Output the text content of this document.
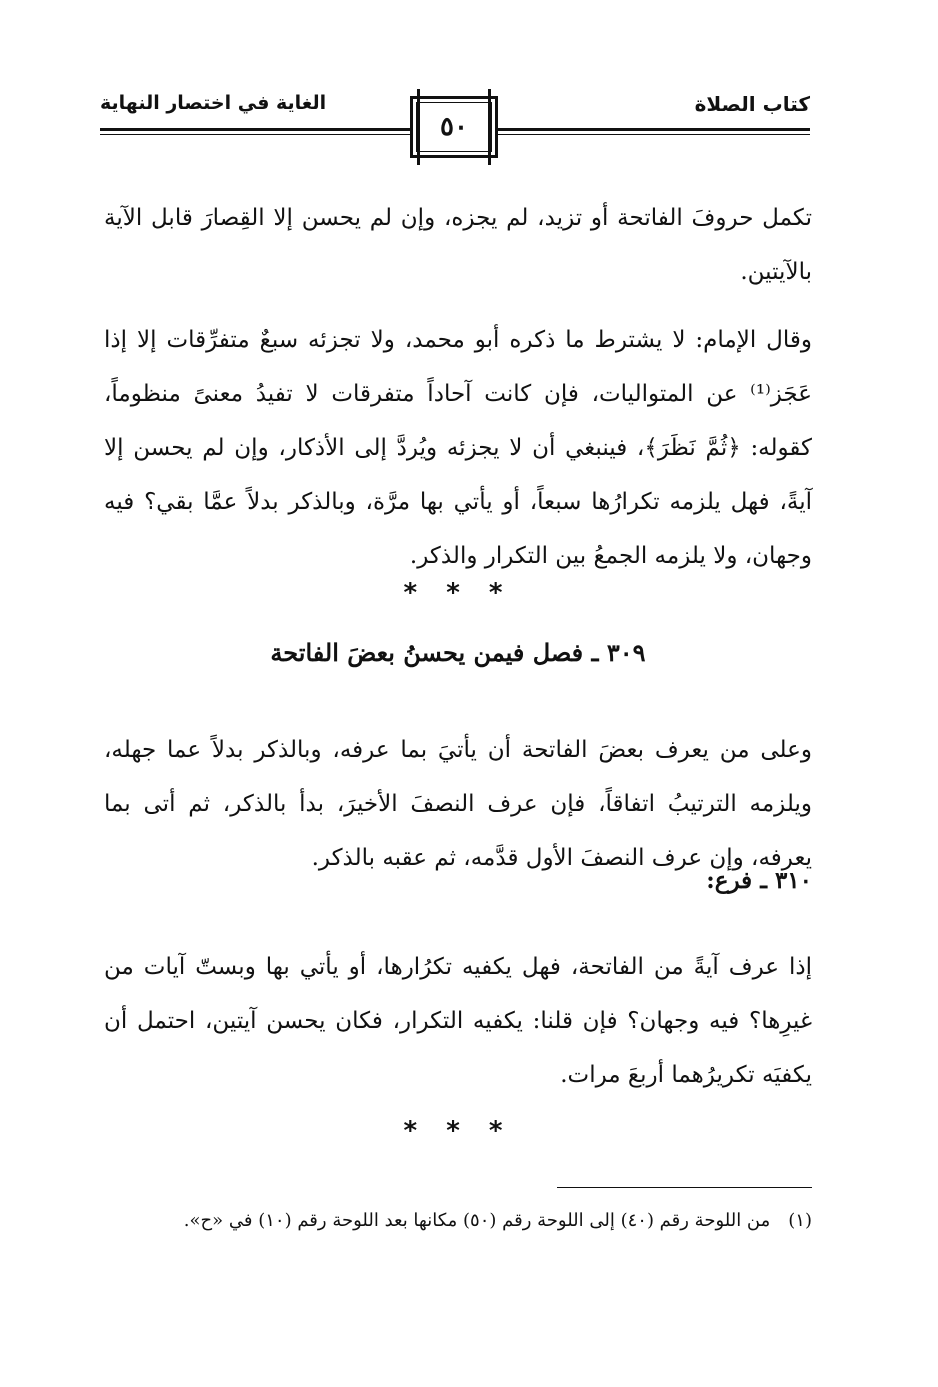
كتاب الصلاة
الغاية في اختصار النهاية
٥٠

تكمل حروفَ الفاتحة أو تزيد، لم يجزه، وإن لم يحسن إلا القِصارَ قابل الآية بالآيتين.

وقال الإمام: لا يشترط ما ذكره أبو محمد، ولا تجزئه سبعٌ متفرِّقات إلا إذا عَجَز⁽¹⁾ عن المتواليات، فإن كانت آحاداً متفرقات لا تفيدُ معنىً منظوماً، كقوله: ﴿ثُمَّ نَظَرَ﴾، فينبغي أن لا يجزئه ويُردَّ إلى الأذكار، وإن لم يحسن إلا آيةً، فهل يلزمه تكرارُها سبعاً، أو يأتي بها مرَّة، وبالذكر بدلاً عمَّا بقي؟ فيه وجهان، ولا يلزمه الجمعُ بين التكرار والذكر.

* * *
٣٠٩ ـ فصل فيمن يحسنُ بعضَ الفاتحة

وعلى من يعرف بعضَ الفاتحة أن يأتيَ بما عرفه، وبالذكر بدلاً عما جهله، ويلزمه الترتيبُ اتفاقاً، فإن عرف النصفَ الأخيرَ، بدأ بالذكر، ثم أتى بما يعرفه، وإن عرف النصفَ الأول قدَّمه، ثم عقبه بالذكر.

٣١٠ ـ فرع:

إذا عرف آيةً من الفاتحة، فهل يكفيه تكرُارها، أو يأتي بها وبستّ آيات من غيرِها؟ فيه وجهان؟ فإن قلنا: يكفيه التكرار، فكان يحسن آيتين، احتمل أن يكفيَه تكريرُهما أربعَ مرات.

* * *
(١) من اللوحة رقم (٤٠) إلى اللوحة رقم (٥٠) مكانها بعد اللوحة رقم (١٠) في «ح».
